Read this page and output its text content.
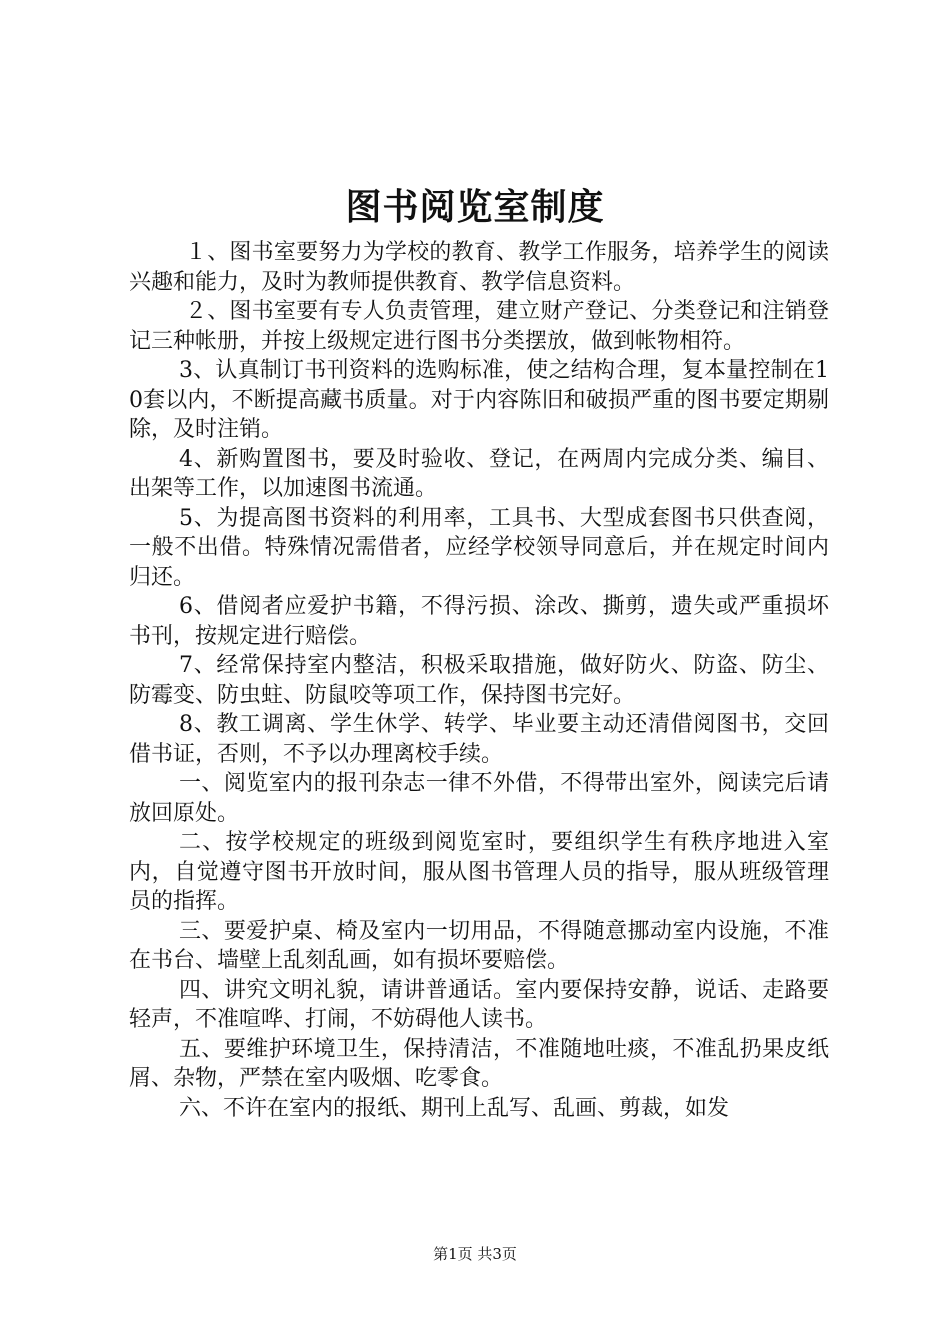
图书阅览室制度

１、图书室要努力为学校的教育、教学工作服务，培养学生的阅读兴趣和能力，及时为教师提供教育、教学信息资料。

２、图书室要有专人负责管理，建立财产登记、分类登记和注销登记三种帐册，并按上级规定进行图书分类摆放，做到帐物相符。

3、认真制订书刊资料的选购标准，使之结构合理，复本量控制在10套以内，不断提高藏书质量。对于内容陈旧和破损严重的图书要定期剔除，及时注销。

4、新购置图书，要及时验收、登记，在两周内完成分类、编目、出架等工作，以加速图书流通。

5、为提高图书资料的利用率，工具书、大型成套图书只供查阅，一般不出借。特殊情况需借者，应经学校领导同意后，并在规定时间内归还。

6、借阅者应爱护书籍，不得污损、涂改、撕剪，遗失或严重损坏书刊，按规定进行赔偿。

7、经常保持室内整洁，积极采取措施，做好防火、防盗、防尘、防霉变、防虫蛀、防鼠咬等项工作，保持图书完好。

8、教工调离、学生休学、转学、毕业要主动还清借阅图书，交回借书证，否则，不予以办理离校手续。

一、阅览室内的报刊杂志一律不外借，不得带出室外，阅读完后请放回原处。

二、按学校规定的班级到阅览室时，要组织学生有秩序地进入室内，自觉遵守图书开放时间，服从图书管理人员的指导，服从班级管理员的指挥。

三、要爱护桌、椅及室内一切用品，不得随意挪动室内设施，不准在书台、墙壁上乱刻乱画，如有损坏要赔偿。

四、讲究文明礼貌，请讲普通话。室内要保持安静，说话、走路要轻声，不准喧哗、打闹，不妨碍他人读书。

五、要维护环境卫生，保持清洁，不准随地吐痰，不准乱扔果皮纸屑、杂物，严禁在室内吸烟、吃零食。

六、不许在室内的报纸、期刊上乱写、乱画、剪裁，如发

第1页 共3页
